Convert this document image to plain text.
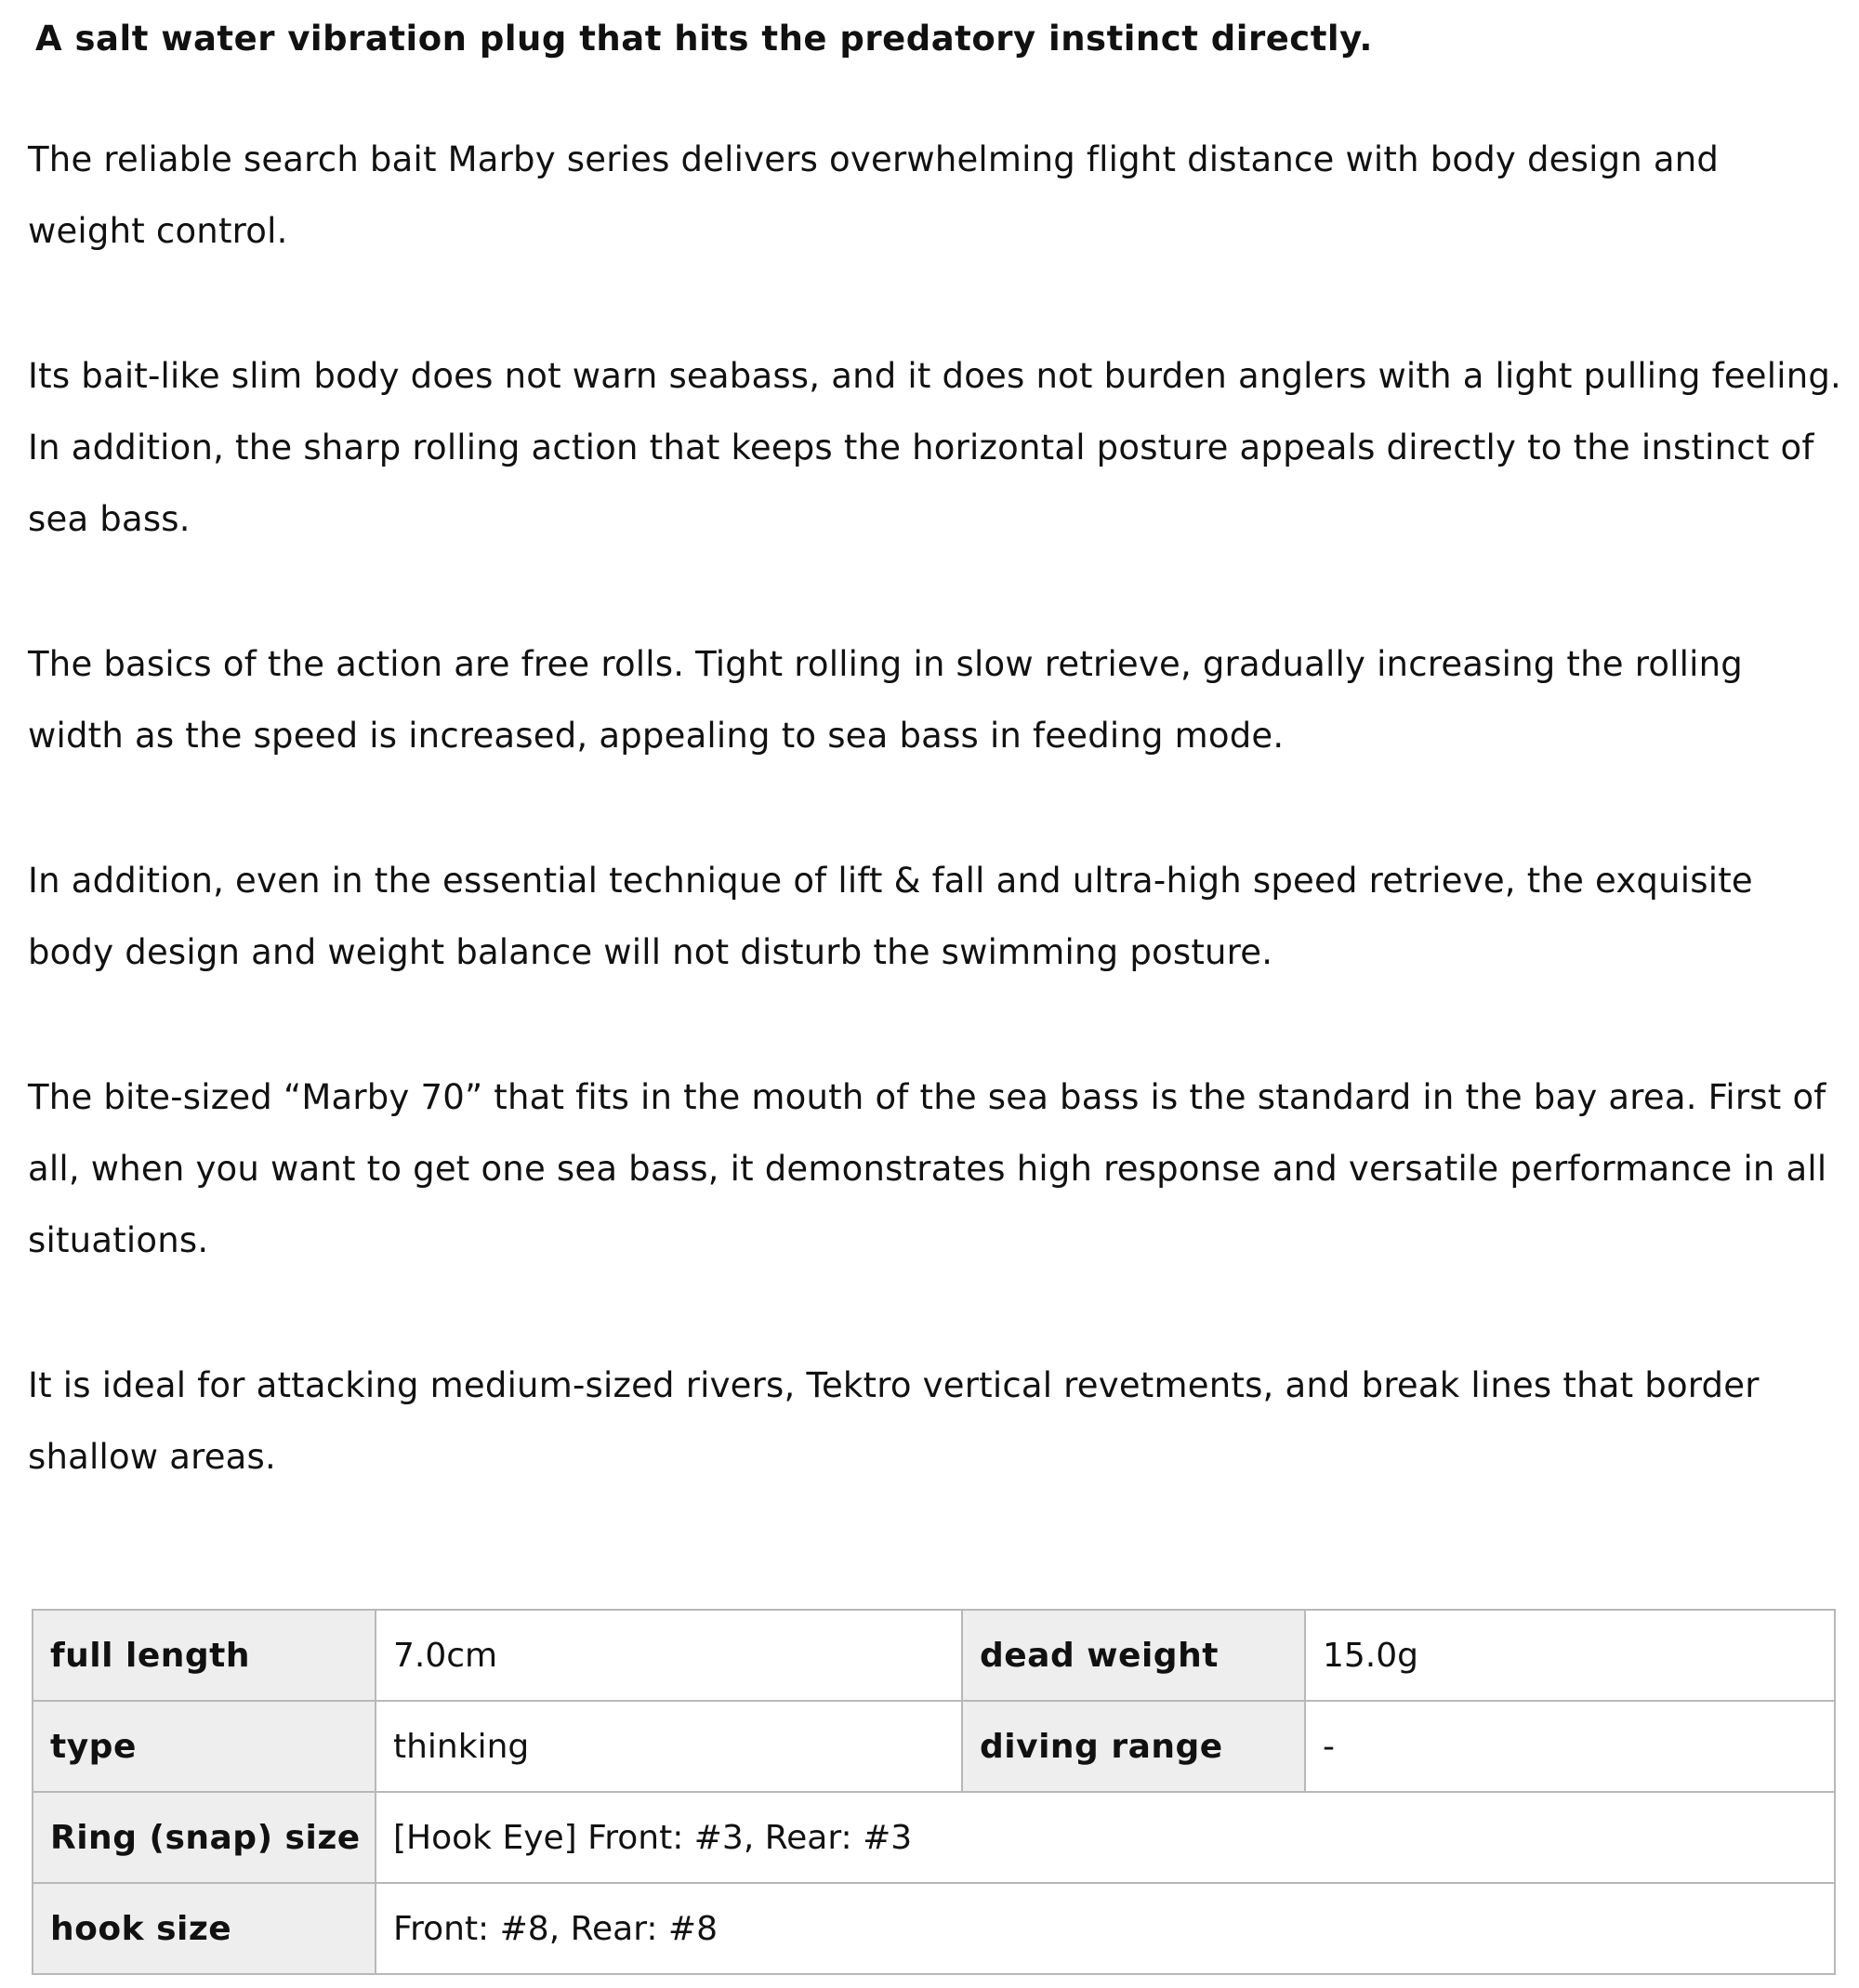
A salt water vibration plug that hits the predatory instinct directly.

The reliable search bait Marby series delivers overwhelming flight distance with body design and weight control.

Its bait-like slim body does not warn seabass, and it does not burden anglers with a light pulling feeling. In addition, the sharp rolling action that keeps the horizontal posture appeals directly to the instinct of sea bass.

The basics of the action are free rolls. Tight rolling in slow retrieve, gradually increasing the rolling width as the speed is increased, appealing to sea bass in feeding mode.

In addition, even in the essential technique of lift & fall and ultra-high speed retrieve, the exquisite body design and weight balance will not disturb the swimming posture.

The bite-sized “Marby 70” that fits in the mouth of the sea bass is the standard in the bay area. First of all, when you want to get one sea bass, it demonstrates high response and versatile performance in all situations.

It is ideal for attacking medium-sized rivers, Tektro vertical revetments, and break lines that border shallow areas.

full length	7.0cm	dead weight	15.0g
type	thinking	diving range	-
Ring (snap) size	[Hook Eye] Front: #3, Rear: #3		
hook size	Front: #8, Rear: #8		
